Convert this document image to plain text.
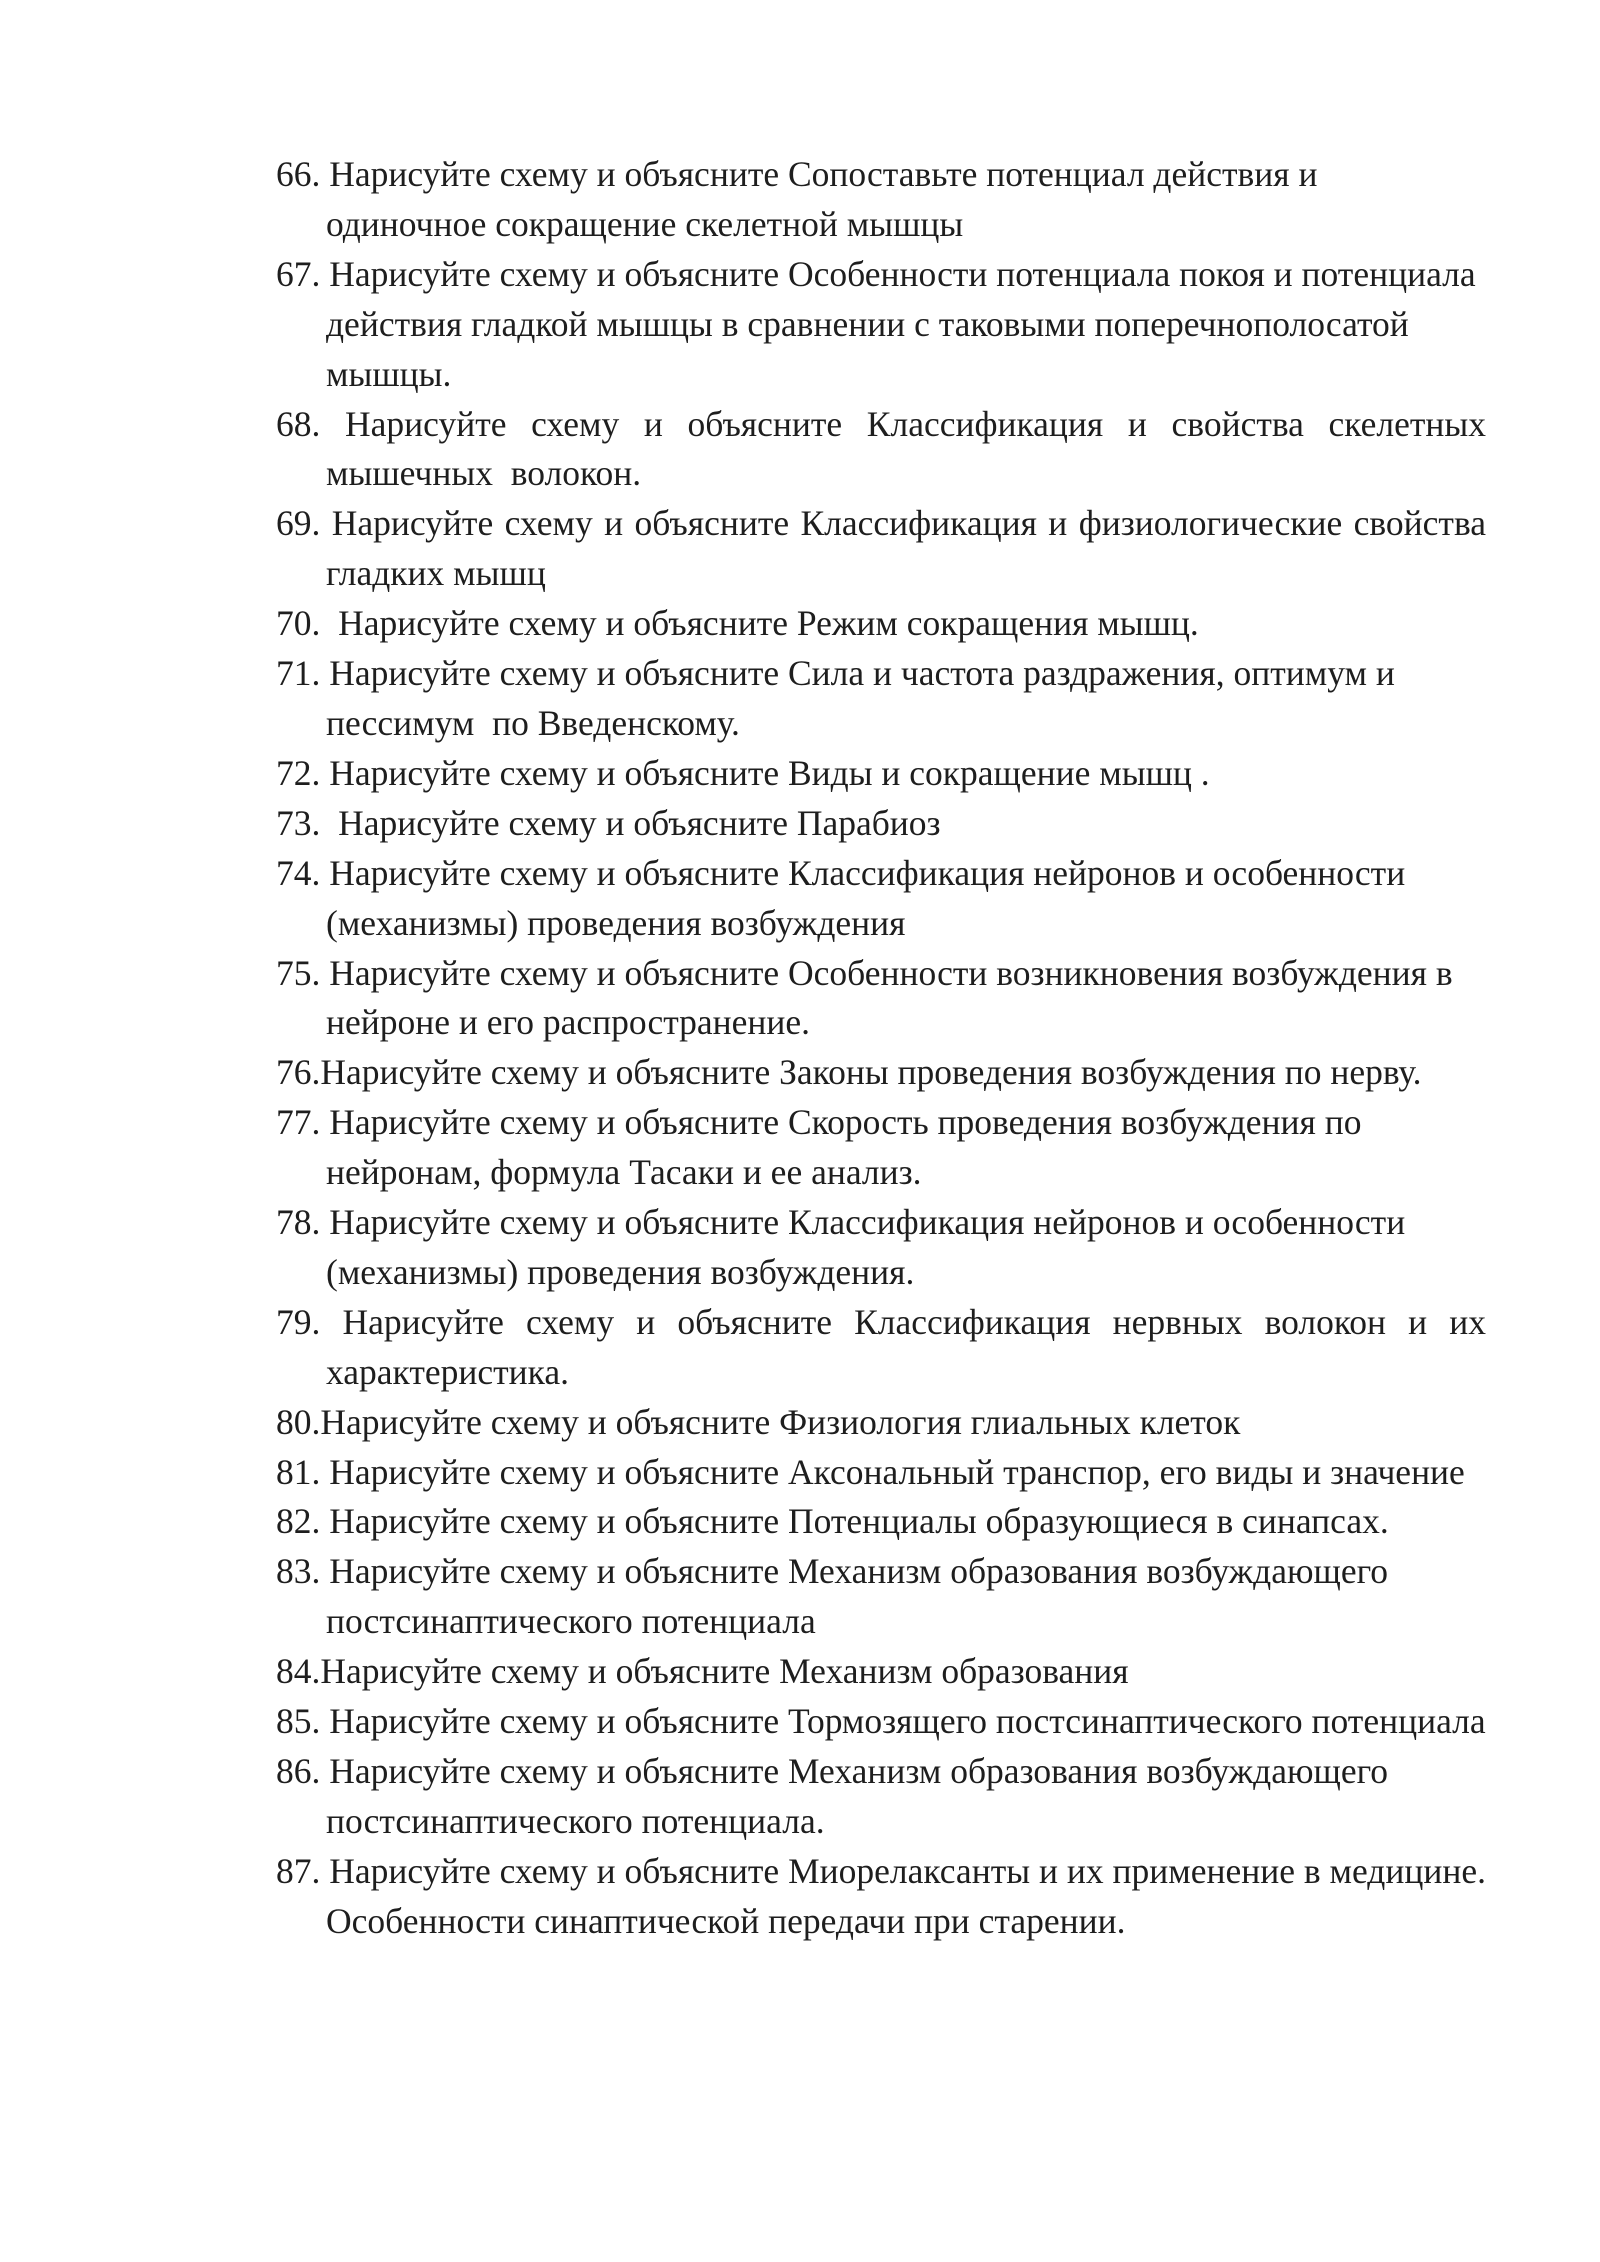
66. Нарисуйте схему и объясните Сопоставьте потенциал действия и одиночное сокращение скелетной мышцы
67. Нарисуйте схему и объясните Особенности потенциала покоя и потенциала действия гладкой мышцы в сравнении с таковыми поперечнополосатой мышцы.
68. Нарисуйте схему и объясните Классификация и свойства скелетных мышечных  волокон.
69. Нарисуйте схему и объясните Классификация и физиологические свойства гладких мышц
70.  Нарисуйте схему и объясните Режим сокращения мышц.
71. Нарисуйте схему и объясните Сила и частота раздражения, оптимум и пессимум  по Введенскому.
72. Нарисуйте схему и объясните Виды и сокращение мышц .
73.  Нарисуйте схему и объясните Парабиоз
74. Нарисуйте схему и объясните Классификация нейронов и особенности (механизмы) проведения возбуждения
75. Нарисуйте схему и объясните Особенности возникновения возбуждения в нейроне и его распространение.
76.Нарисуйте схему и объясните Законы проведения возбуждения по нерву.
77. Нарисуйте схему и объясните Скорость проведения возбуждения по нейронам, формула Тасаки и ее анализ.
78. Нарисуйте схему и объясните Классификация нейронов и особенности (механизмы) проведения возбуждения.
79. Нарисуйте схему и объясните Классификация нервных волокон и их характеристика.
80.Нарисуйте схему и объясните Физиология глиальных клеток
81. Нарисуйте схему и объясните Аксональный транспор, его виды и значение
82. Нарисуйте схему и объясните Потенциалы образующиеся в синапсах.
83. Нарисуйте схему и объясните Механизм образования возбуждающего постсинаптического потенциала
84.Нарисуйте схему и объясните Механизм образования
85. Нарисуйте схему и объясните Тормозящего постсинаптического потенциала
86. Нарисуйте схему и объясните Механизм образования возбуждающего постсинаптического потенциала.
87. Нарисуйте схему и объясните Миорелаксанты и их применение в медицине. Особенности синаптической передачи при старении.
